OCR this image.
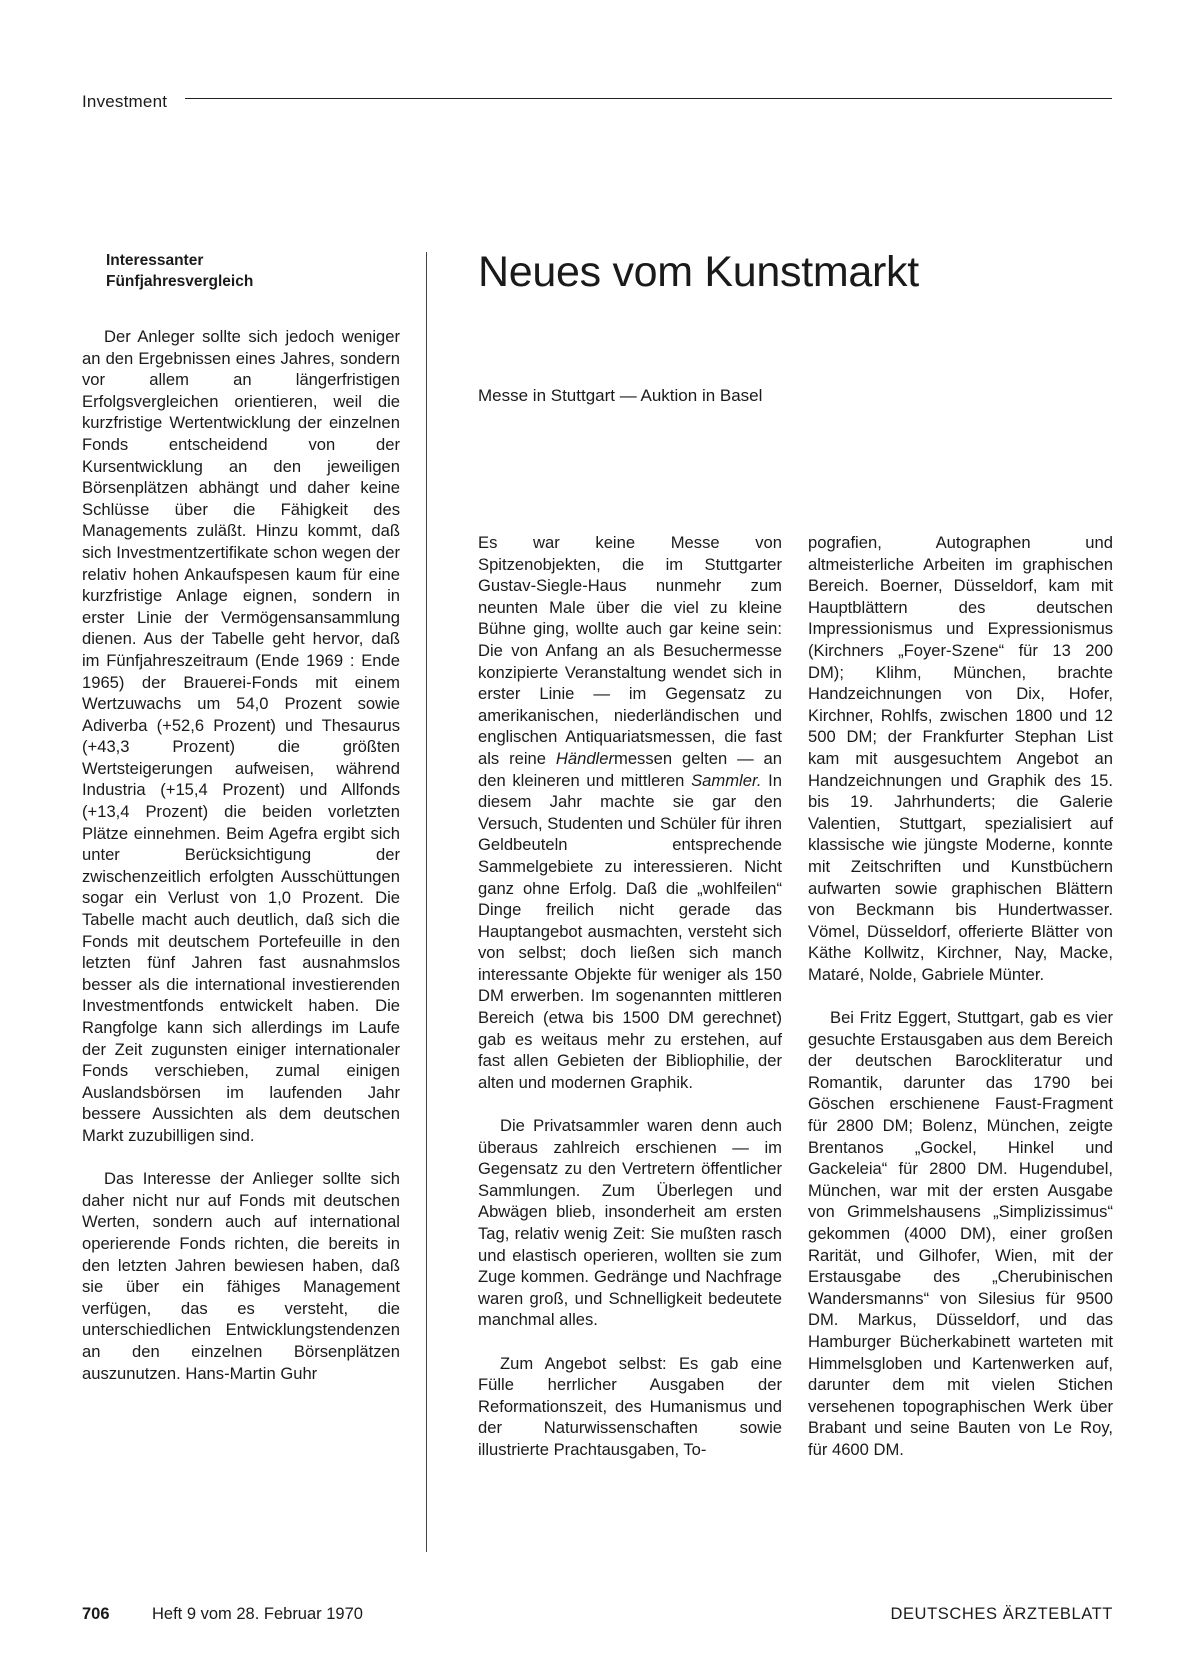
Investment
Interessanter
Fünfjahresvergleich

Der Anleger sollte sich jedoch weniger an den Ergebnissen eines Jahres, sondern vor allem an längerfristigen Erfolgsvergleichen orientieren, weil die kurzfristige Wertentwicklung der einzelnen Fonds entscheidend von der Kursentwicklung an den jeweiligen Börsenplätzen abhängt und daher keine Schlüsse über die Fähigkeit des Managements zuläßt. Hinzu kommt, daß sich Investmentzertifikate schon wegen der relativ hohen Ankaufspesen kaum für eine kurzfristige Anlage eignen, sondern in erster Linie der Vermögensansammlung dienen. Aus der Tabelle geht hervor, daß im Fünfjahreszeitraum (Ende 1969 : Ende 1965) der Brauerei-Fonds mit einem Wertzuwachs um 54,0 Prozent sowie Adiverba (+52,6 Prozent) und Thesaurus (+43,3 Prozent) die größten Wertsteigerungen aufweisen, während Industria (+15,4 Prozent) und Allfonds (+13,4 Prozent) die beiden vorletzten Plätze einnehmen. Beim Agefra ergibt sich unter Berücksichtigung der zwischenzeitlich erfolgten Ausschüttungen sogar ein Verlust von 1,0 Prozent. Die Tabelle macht auch deutlich, daß sich die Fonds mit deutschem Portefeuille in den letzten fünf Jahren fast ausnahmslos besser als die international investierenden Investmentfonds entwickelt haben. Die Rangfolge kann sich allerdings im Laufe der Zeit zugunsten einiger internationaler Fonds verschieben, zumal einigen Auslandsbörsen im laufenden Jahr bessere Aussichten als dem deutschen Markt zuzubilligen sind.

Das Interesse der Anlieger sollte sich daher nicht nur auf Fonds mit deutschen Werten, sondern auch auf international operierende Fonds richten, die bereits in den letzten Jahren bewiesen haben, daß sie über ein fähiges Management verfügen, das es versteht, die unterschiedlichen Entwicklungstendenzen an den einzelnen Börsenplätzen auszunutzen. Hans-Martin Guhr

Neues vom Kunstmarkt
Messe in Stuttgart — Auktion in Basel

Es war keine Messe von Spitzenobjekten, die im Stuttgarter Gustav-Siegle-Haus nunmehr zum neunten Male über die viel zu kleine Bühne ging, wollte auch gar keine sein: Die von Anfang an als Besuchermesse konzipierte Veranstaltung wendet sich in erster Linie — im Gegensatz zu amerikanischen, niederländischen und englischen Antiquariatsmessen, die fast als reine Händlermessen gelten — an den kleineren und mittleren Sammler. In diesem Jahr machte sie gar den Versuch, Studenten und Schüler für ihren Geldbeuteln entsprechende Sammelgebiete zu interessieren. Nicht ganz ohne Erfolg. Daß die „wohlfeilen“ Dinge freilich nicht gerade das Hauptangebot ausmachten, versteht sich von selbst; doch ließen sich manch interessante Objekte für weniger als 150 DM erwerben. Im sogenannten mittleren Bereich (etwa bis 1500 DM gerechnet) gab es weitaus mehr zu erstehen, auf fast allen Gebieten der Bibliophilie, der alten und modernen Graphik.

Die Privatsammler waren denn auch überaus zahlreich erschienen — im Gegensatz zu den Vertretern öffentlicher Sammlungen. Zum Überlegen und Abwägen blieb, insonderheit am ersten Tag, relativ wenig Zeit: Sie mußten rasch und elastisch operieren, wollten sie zum Zuge kommen. Gedränge und Nachfrage waren groß, und Schnelligkeit bedeutete manchmal alles.

Zum Angebot selbst: Es gab eine Fülle herrlicher Ausgaben der Reformationszeit, des Humanismus und der Naturwissenschaften sowie illustrierte Prachtausgaben, To-

pografien, Autographen und altmeisterliche Arbeiten im graphischen Bereich. Boerner, Düsseldorf, kam mit Hauptblättern des deutschen Impressionismus und Expressionismus (Kirchners „Foyer-Szene“ für 13 200 DM); Klihm, München, brachte Handzeichnungen von Dix, Hofer, Kirchner, Rohlfs, zwischen 1800 und 12 500 DM; der Frankfurter Stephan List kam mit ausgesuchtem Angebot an Handzeichnungen und Graphik des 15. bis 19. Jahrhunderts; die Galerie Valentien, Stuttgart, spezialisiert auf klassische wie jüngste Moderne, konnte mit Zeitschriften und Kunstbüchern aufwarten sowie graphischen Blättern von Beckmann bis Hundertwasser. Vömel, Düsseldorf, offerierte Blätter von Käthe Kollwitz, Kirchner, Nay, Macke, Mataré, Nolde, Gabriele Münter.

Bei Fritz Eggert, Stuttgart, gab es vier gesuchte Erstausgaben aus dem Bereich der deutschen Barockliteratur und Romantik, darunter das 1790 bei Göschen erschienene Faust-Fragment für 2800 DM; Bolenz, München, zeigte Brentanos „Gockel, Hinkel und Gackeleia“ für 2800 DM. Hugendubel, München, war mit der ersten Ausgabe von Grimmelshausens „Simplizissimus“ gekommen (4000 DM), einer großen Rarität, und Gilhofer, Wien, mit der Erstausgabe des „Cherubinischen Wandersmanns“ von Silesius für 9500 DM. Markus, Düsseldorf, und das Hamburger Bücherkabinett warteten mit Himmelsgloben und Kartenwerken auf, darunter dem mit vielen Stichen versehenen topographischen Werk über Brabant und seine Bauten von Le Roy, für 4600 DM.

706	Heft 9 vom 28. Februar 1970	DEUTSCHES ÄRZTEBLATT
